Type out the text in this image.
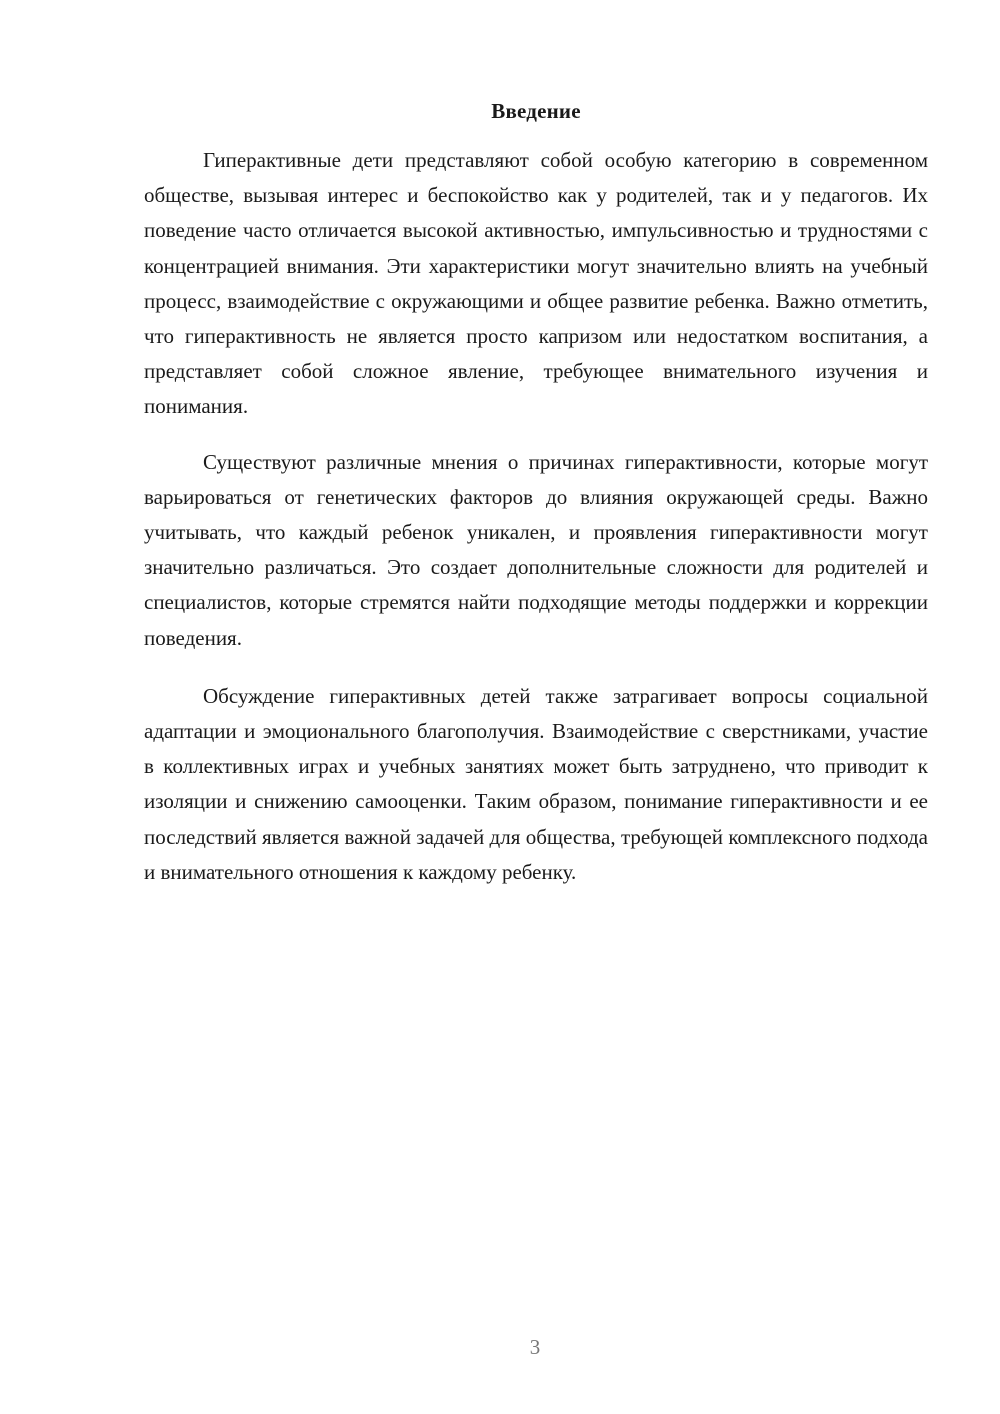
Введение

Гиперактивные дети представляют собой особую категорию в современном обществе, вызывая интерес и беспокойство как у родителей, так и у педагогов. Их поведение часто отличается высокой активностью, импульсивностью и трудностями с концентрацией внимания. Эти характеристики могут значительно влиять на учебный процесс, взаимодействие с окружающими и общее развитие ребенка. Важно отметить, что гиперактивность не является просто капризом или недостатком воспитания, а представляет собой сложное явление, требующее внимательного изучения и понимания.

Существуют различные мнения о причинах гиперактивности, которые могут варьироваться от генетических факторов до влияния окружающей среды. Важно учитывать, что каждый ребенок уникален, и проявления гиперактивности могут значительно различаться. Это создает дополнительные сложности для родителей и специалистов, которые стремятся найти подходящие методы поддержки и коррекции поведения.

Обсуждение гиперактивных детей также затрагивает вопросы социальной адаптации и эмоционального благополучия. Взаимодействие с сверстниками, участие в коллективных играх и учебных занятиях может быть затруднено, что приводит к изоляции и снижению самооценки. Таким образом, понимание гиперактивности и ее последствий является важной задачей для общества, требующей комплексного подхода и внимательного отношения к каждому ребенку.

3
